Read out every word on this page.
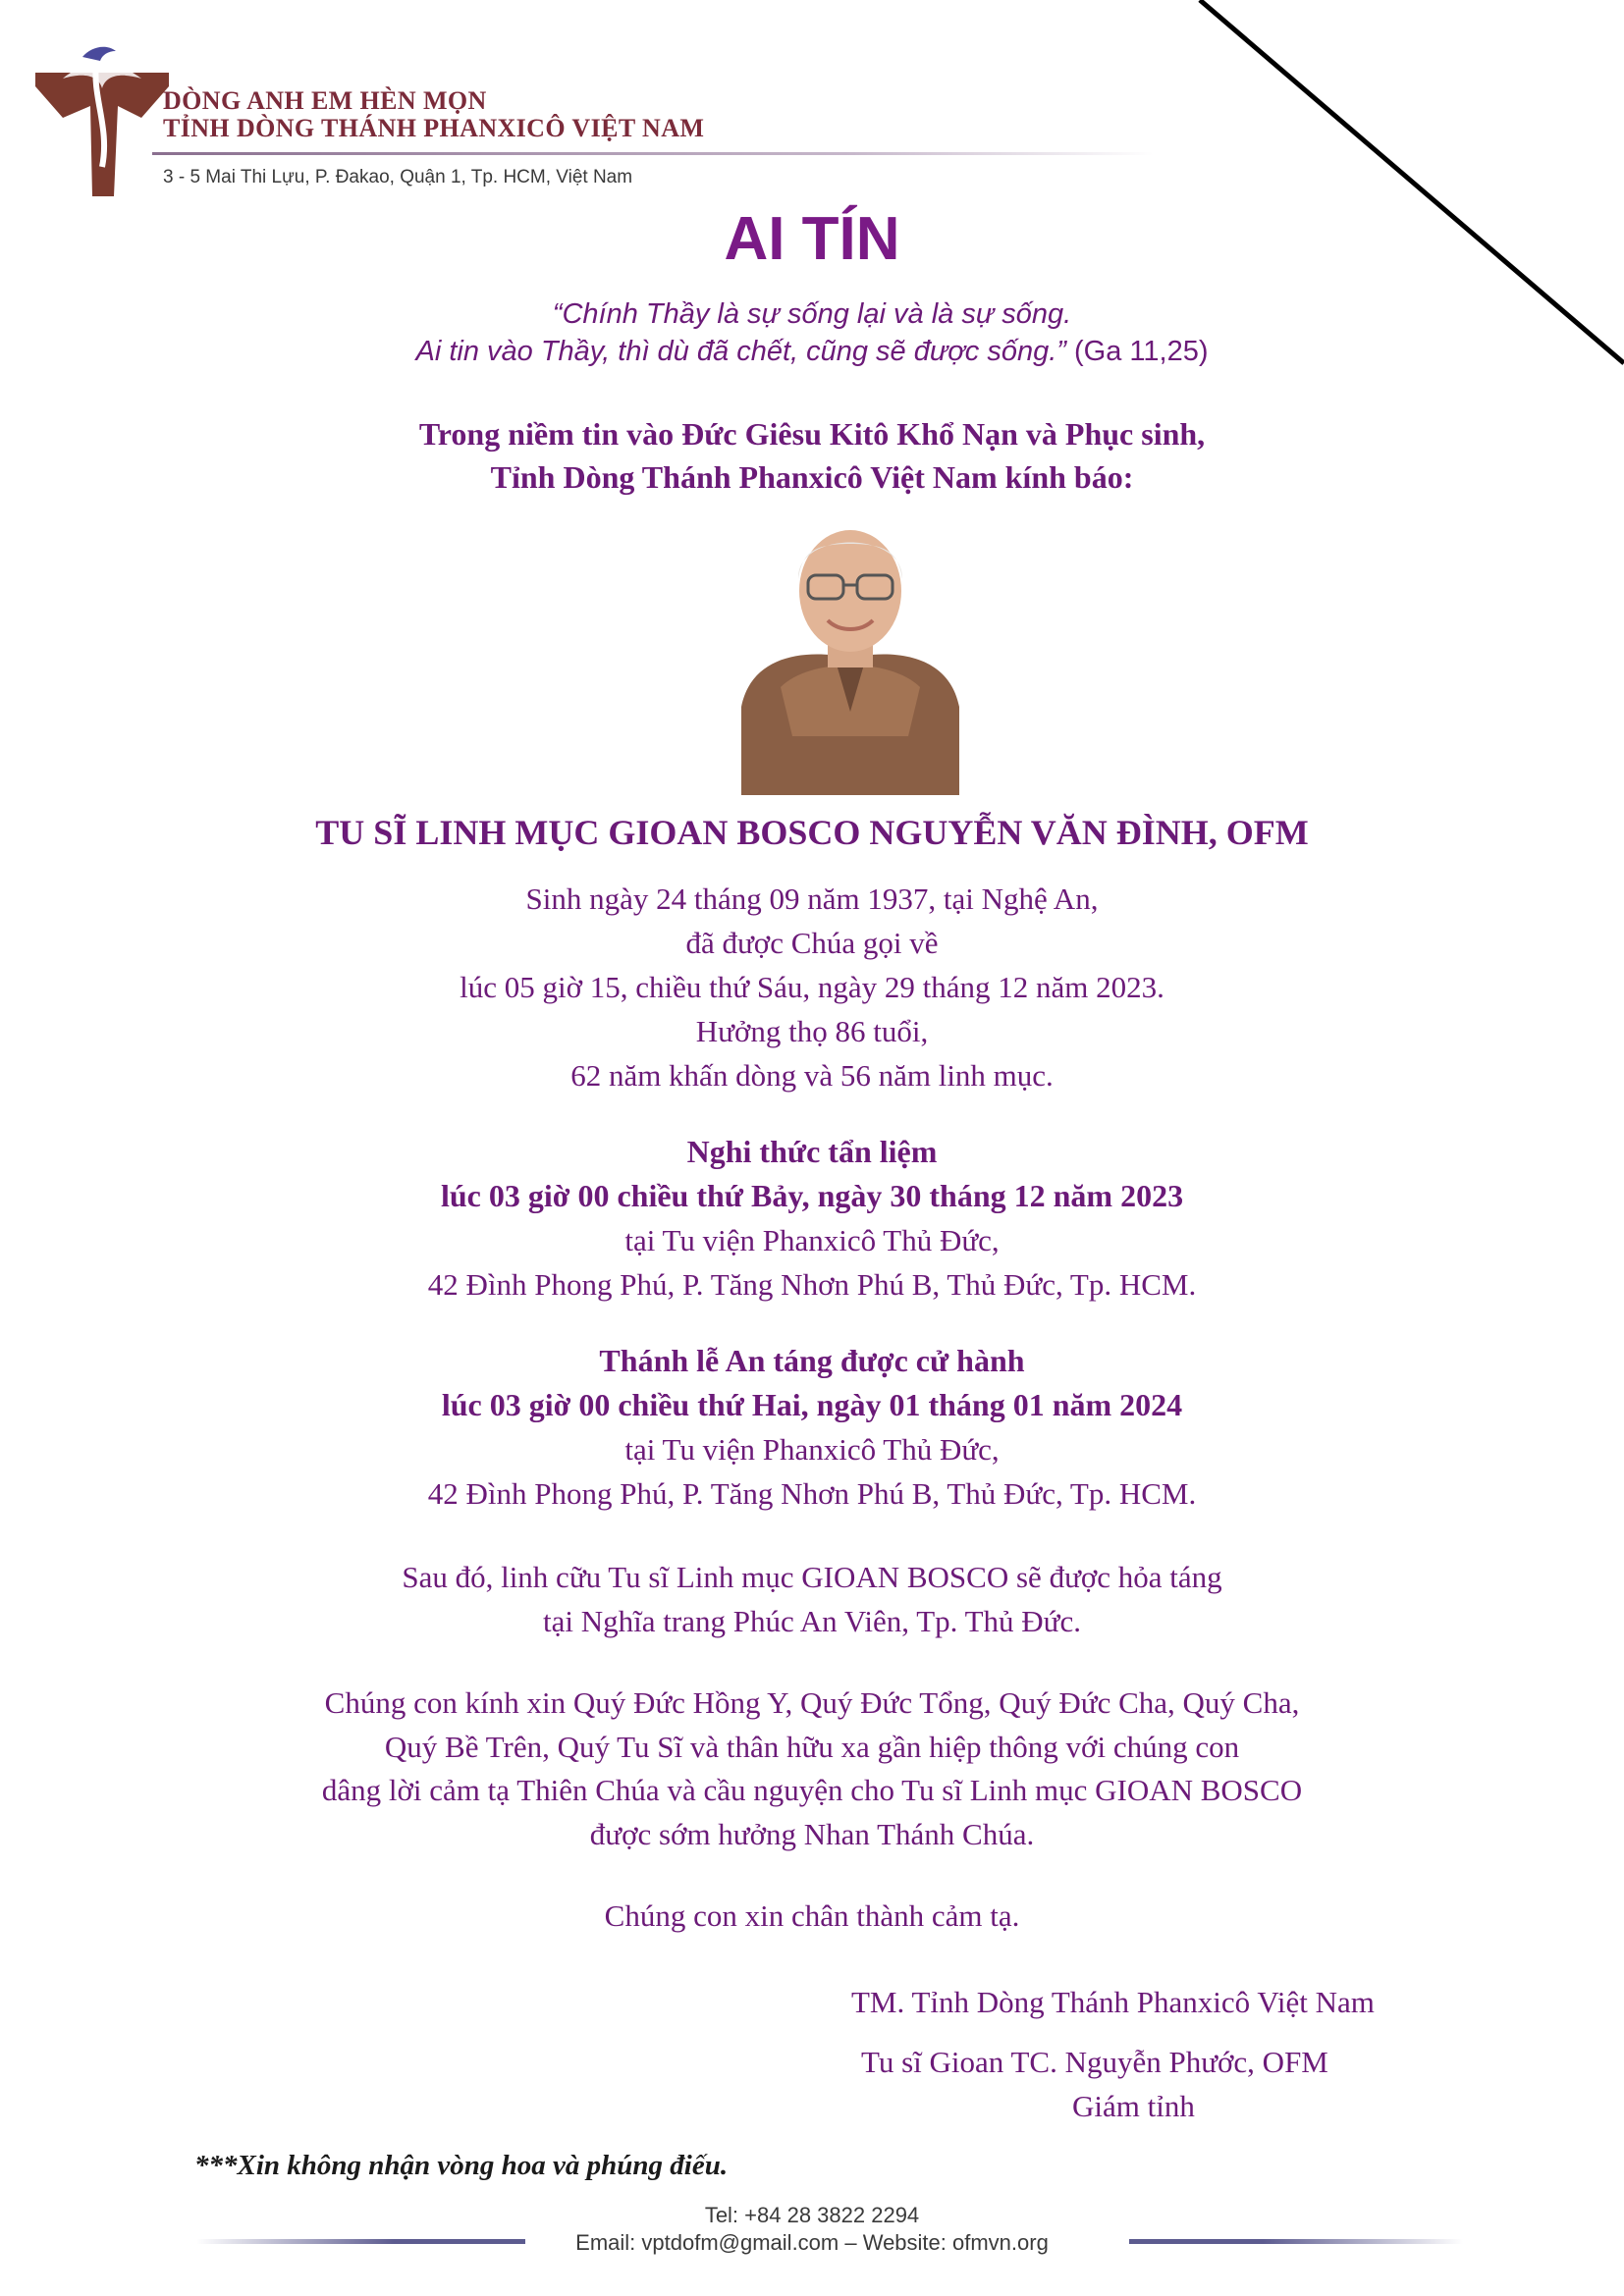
DÒNG ANH EM HÈN MỌN
TỈNH DÒNG THÁNH PHANXICÔ VIỆT NAM
3 - 5 Mai Thi Lựu, P. Đakao, Quận 1, Tp. HCM, Việt Nam
AI TÍN
“Chính Thầy là sự sống lại và là sự sống.
Ai tin vào Thầy, thì dù đã chết, cũng sẽ được sống.” (Ga 11,25)
Trong niềm tin vào Đức Giêsu Kitô Khổ Nạn và Phục sinh,
Tỉnh Dòng Thánh Phanxicô Việt Nam kính báo:
TU SĨ LINH MỤC GIOAN BOSCO NGUYỄN VĂN ĐÌNH, OFM
Sinh ngày 24 tháng 09 năm 1937, tại Nghệ An,
đã được Chúa gọi về
lúc 05 giờ 15, chiều thứ Sáu, ngày 29 tháng 12 năm 2023.
Hưởng thọ 86 tuổi,
62 năm khấn dòng và 56 năm linh mục.
Nghi thức tẩn liệm
lúc 03 giờ 00 chiều thứ Bảy, ngày 30 tháng 12 năm 2023
tại Tu viện Phanxicô Thủ Đức,
42 Đình Phong Phú, P. Tăng Nhơn Phú B, Thủ Đức, Tp. HCM.
Thánh lễ An táng được cử hành
lúc 03 giờ 00 chiều thứ Hai, ngày 01 tháng 01 năm 2024
tại Tu viện Phanxicô Thủ Đức,
42 Đình Phong Phú, P. Tăng Nhơn Phú B, Thủ Đức, Tp. HCM.
Sau đó, linh cữu Tu sĩ Linh mục GIOAN BOSCO sẽ được hỏa táng
tại Nghĩa trang Phúc An Viên, Tp. Thủ Đức.
Chúng con kính xin Quý Đức Hồng Y, Quý Đức Tổng, Quý Đức Cha, Quý Cha,
Quý Bề Trên, Quý Tu Sĩ và thân hữu xa gần hiệp thông với chúng con
dâng lời cảm tạ Thiên Chúa và cầu nguyện cho Tu sĩ Linh mục GIOAN BOSCO
được sớm hưởng Nhan Thánh Chúa.
Chúng con xin chân thành cảm tạ.
TM. Tỉnh Dòng Thánh Phanxicô Việt Nam
Tu sĩ Gioan TC. Nguyễn Phước, OFM
Giám tỉnh
***Xin không nhận vòng hoa và phúng điếu.
Tel: +84 28 3822 2294
Email: vptdofm@gmail.com – Website: ofmvn.org
